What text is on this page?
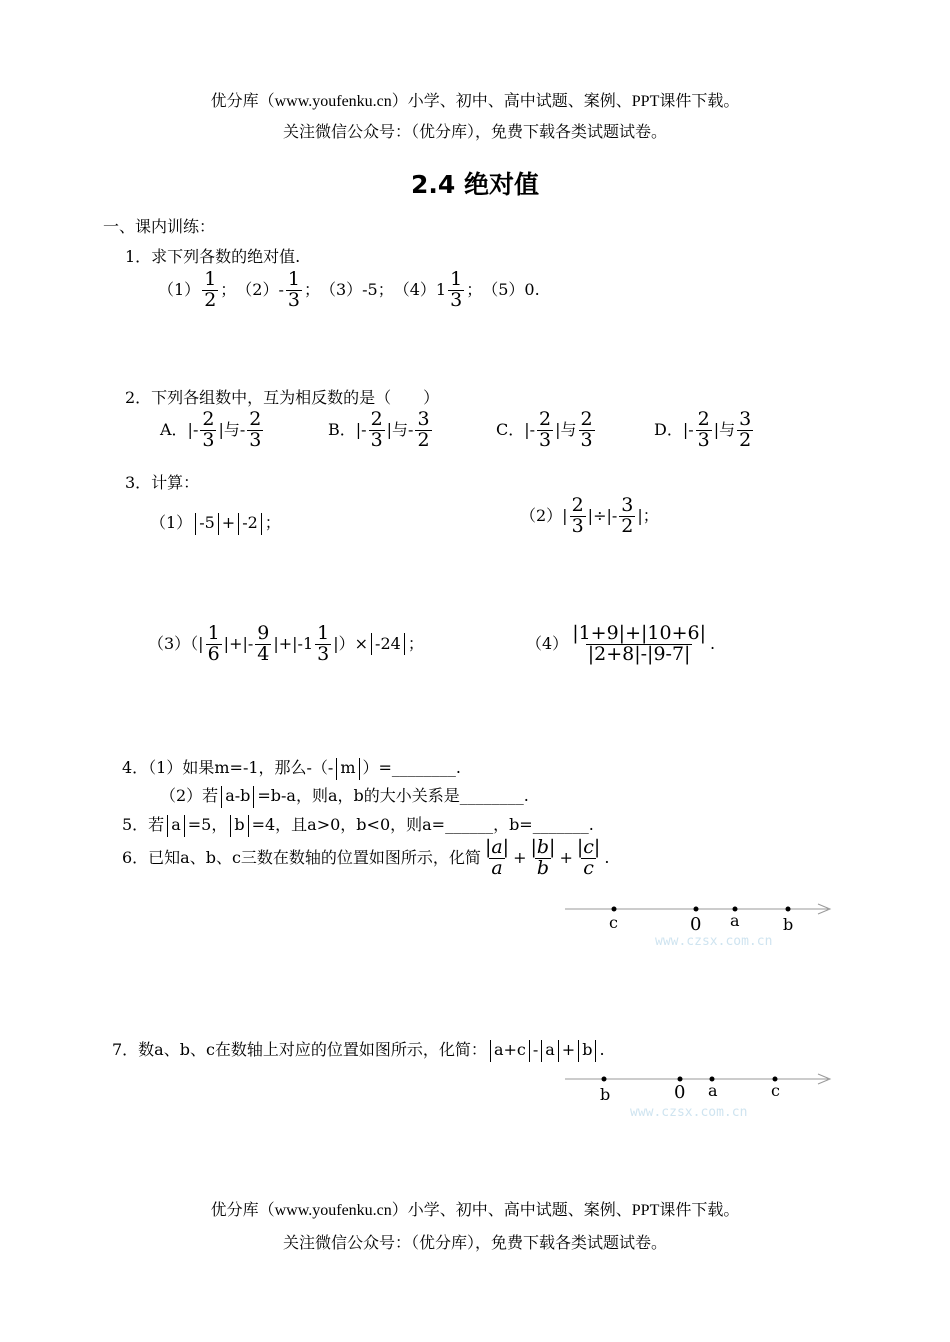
优分库（www.youfenku.cn）小学、初中、高中试题、案例、PPT课件下载。
关注微信公众号：（优分库），免费下载各类试题试卷。
2.4 绝对值
一、课内训练：
1．求下列各数的绝对值.
$(1) \frac{1}{2}$ ；　$(2)- \frac{1}{3}$ ；　（3）-5；　$(4)1 \frac{1}{3}$ ；　（5）0.
2．下列各组数中，互为相反数的是（　　）
A．|- $\frac{2}{3}$ |与- $\frac{2}{3}$	B．|- $\frac{2}{3}$ |与- $\frac{3}{2}$	C．|- $\frac{2}{3}$ |与 $\frac{2}{3}$	D．|- $\frac{2}{3}$ |与 $\frac{3}{2}$
3．计算：
（1） -5 + -2 ；	$(2)| \frac{2}{3}$ |÷|- $\frac{3}{2}$ |；
$(3)(| \frac{1}{6}$ |+|- $\frac{9}{4} |+|-1 \frac{1}{3}$ |）× -24 ；	$(4) \frac{|1+9|+|10+6|}{|2+8|-|9-7|}$ .
4．（1）如果m=-1，那么-（- m ）=________.
（2）若 a-b =b-a，则a，b的大小关系是________.
5．若 a =5， b =4，且a>0，b<0，则a=______，b=_______.
6．已知a、b、c三数在数轴的位置如图所示，化简 $\frac{|a|}{a} + \frac{|b|}{b} + \frac{|c|}{c}$ .
c	0 a	b
www.czsx.com.cn
7．数a、b、c在数轴上对应的位置如图所示，化简： a+c - a + b .
b	0 a	c
www.czsx.com.cn
优分库（www.youfenku.cn）小学、初中、高中试题、案例、PPT课件下载。
关注微信公众号：（优分库），免费下载各类试题试卷。
